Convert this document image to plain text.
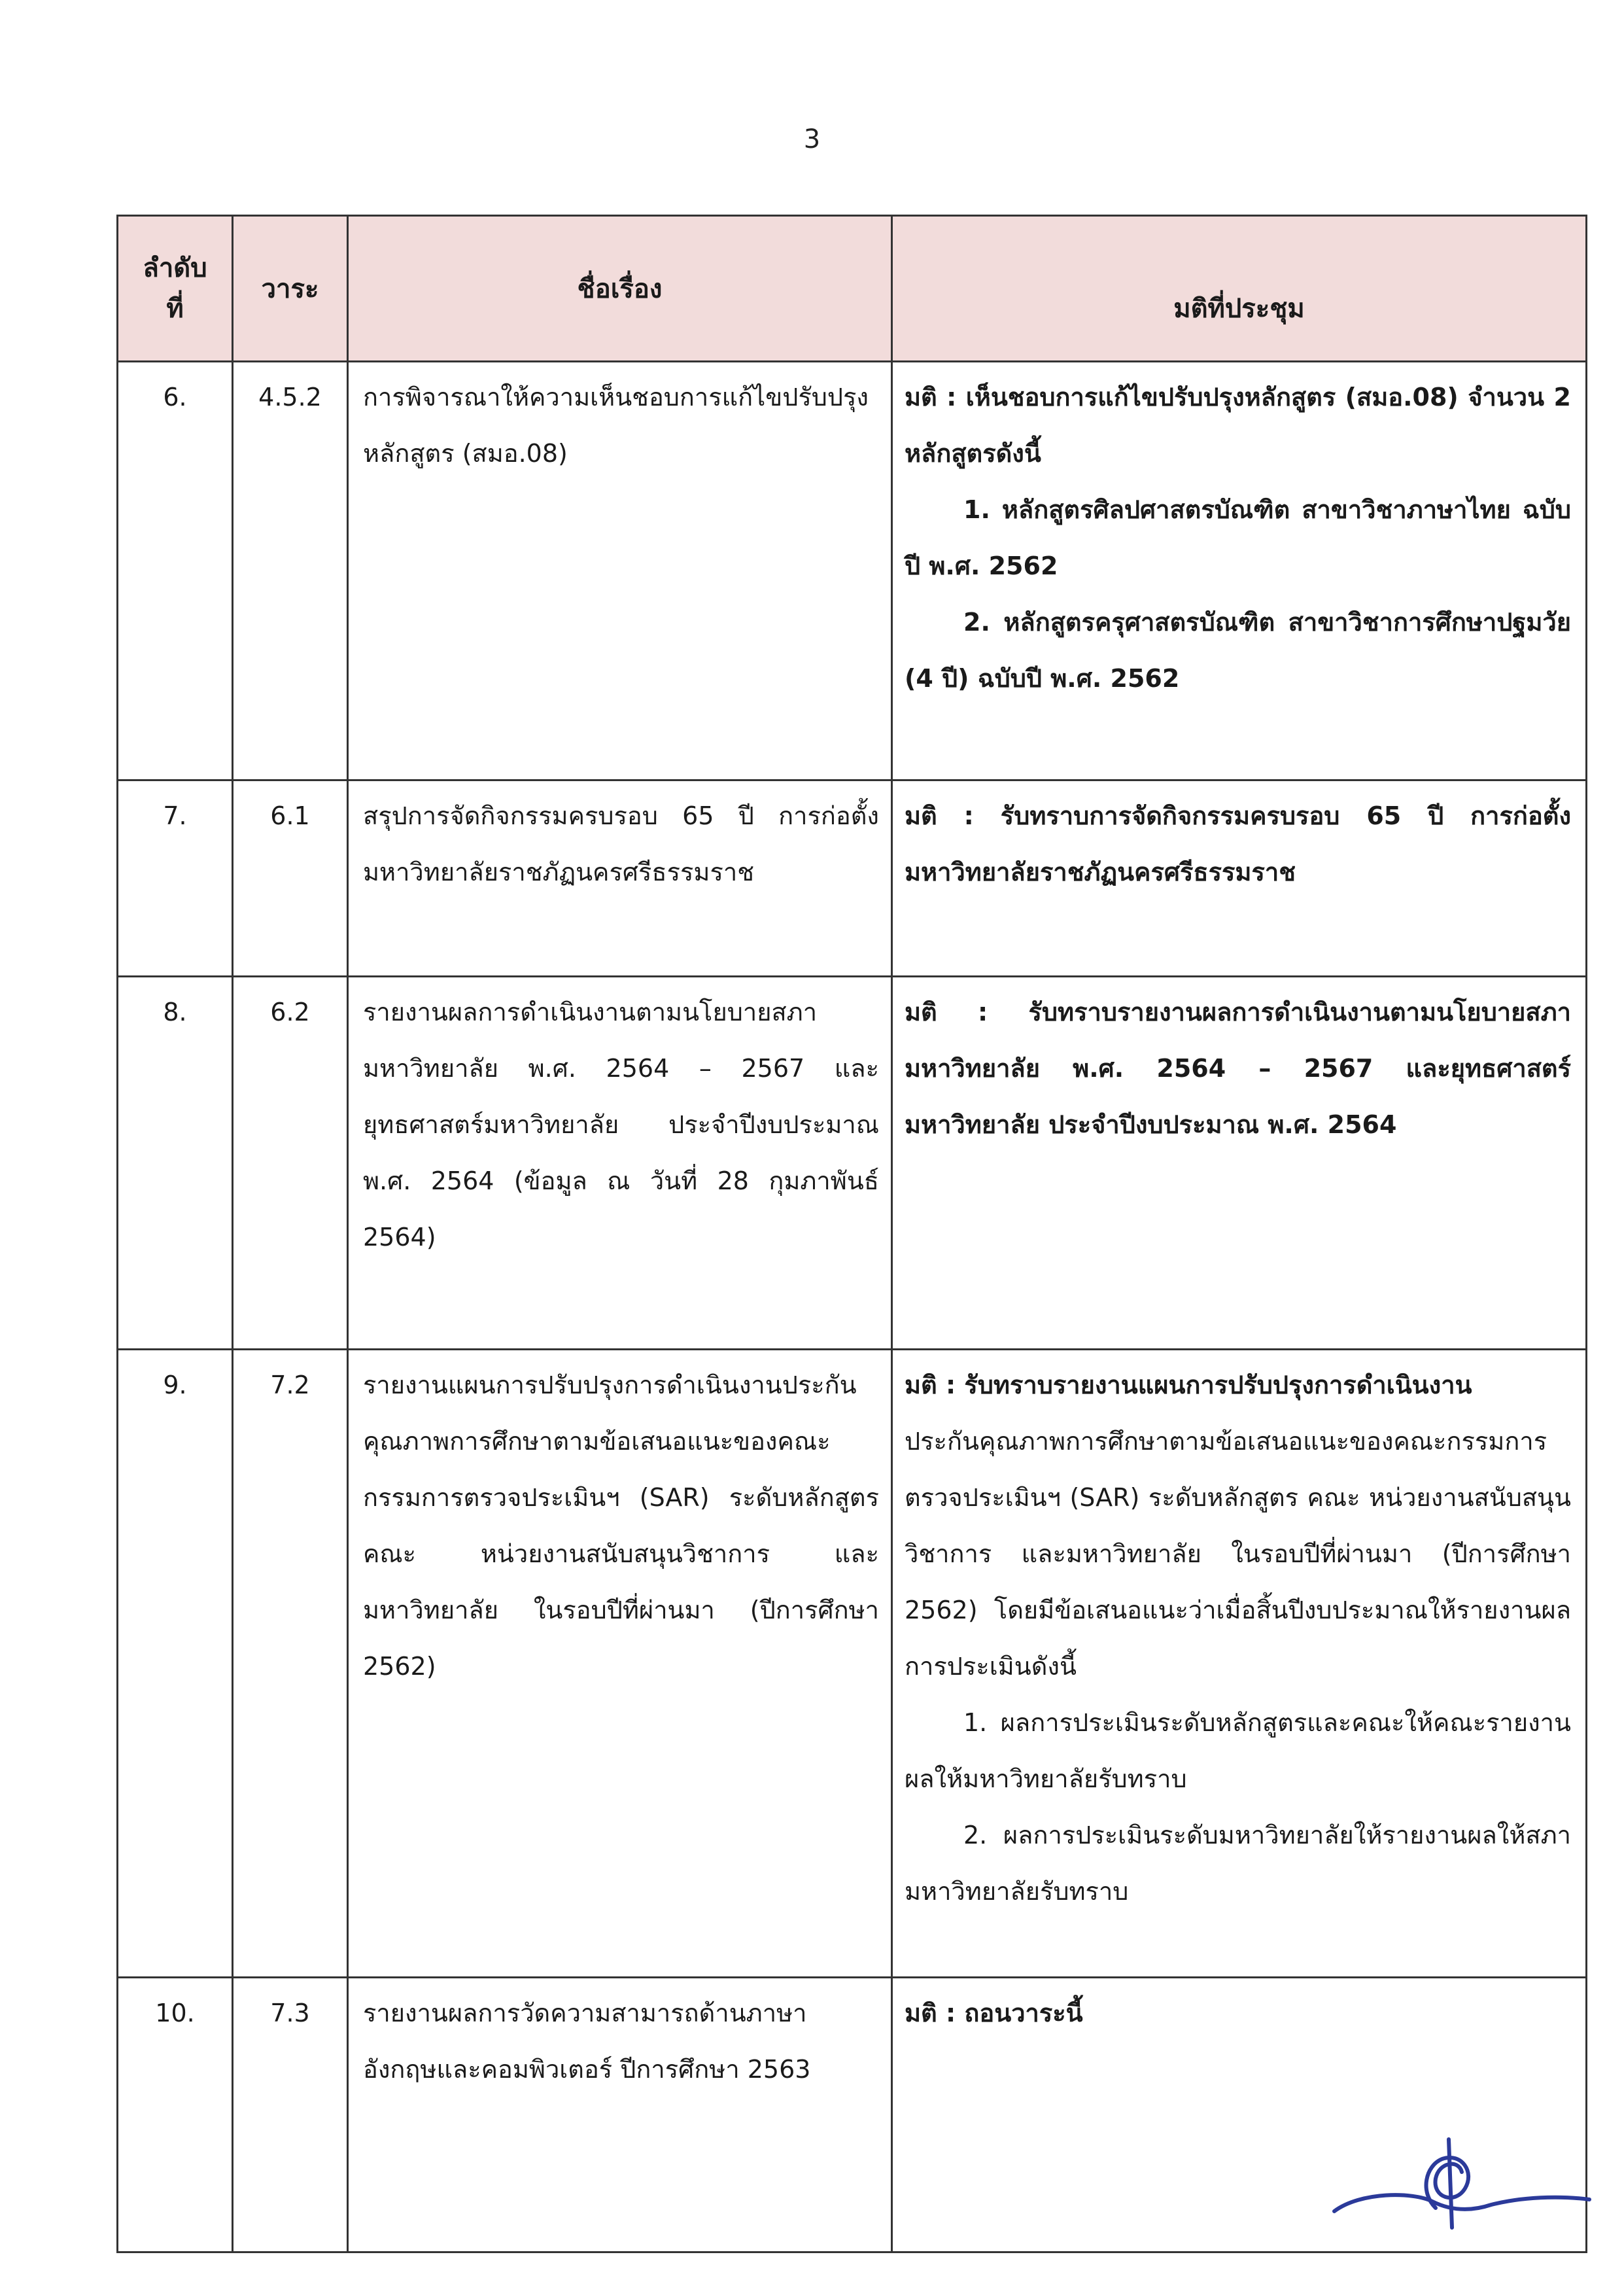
3
ลำดับ
ที่	วาระ	ชื่อเรื่อง	มติที่ประชุม
6.	4.5.2	การพิจารณาให้ความเห็นชอบการแก้ไขปรับปรุงหลักสูตร (สมอ.08)	มติ : เห็นชอบการแก้ไขปรับปรุงหลักสูตร (สมอ.08) จำนวน 2 หลักสูตรดังนี้
1. หลักสูตรศิลปศาสตรบัณฑิต สาขาวิชาภาษาไทย ฉบับปี พ.ศ. 2562
2. หลักสูตรครุศาสตรบัณฑิต สาขาวิชาการศึกษาปฐมวัย (4 ปี) ฉบับปี พ.ศ. 2562

7.	6.1	สรุปการจัดกิจกรรมครบรอบ 65 ปี การก่อตั้งมหาวิทยาลัยราชภัฏนครศรีธรรมราช	มติ : รับทราบการจัดกิจกรรมครบรอบ 65 ปี การก่อตั้งมหาวิทยาลัยราชภัฏนครศรีธรรมราช

8.	6.2	รายงานผลการดำเนินงานตามนโยบายสภามหาวิทยาลัย พ.ศ. 2564 – 2567 และยุทธศาสตร์มหาวิทยาลัย ประจำปีงบประมาณ พ.ศ. 2564 (ข้อมูล ณ วันที่ 28 กุมภาพันธ์ 2564)	มติ : รับทราบรายงานผลการดำเนินงานตามนโยบายสภามหาวิทยาลัย พ.ศ. 2564 – 2567 และยุทธศาสตร์มหาวิทยาลัย ประจำปีงบประมาณ พ.ศ. 2564

9.	7.2	รายงานแผนการปรับปรุงการดำเนินงานประกันคุณภาพการศึกษาตามข้อเสนอแนะของคณะกรรมการตรวจประเมินฯ (SAR) ระดับหลักสูตร คณะ หน่วยงานสนับสนุนวิชาการ และมหาวิทยาลัย ในรอบปีที่ผ่านมา (ปีการศึกษา 2562)	มติ : รับทราบรายงานแผนการปรับปรุงการดำเนินงาน
ประกันคุณภาพการศึกษาตามข้อเสนอแนะของคณะกรรมการตรวจประเมินฯ (SAR) ระดับหลักสูตร คณะ หน่วยงานสนับสนุนวิชาการ และมหาวิทยาลัย ในรอบปีที่ผ่านมา (ปีการศึกษา 2562) โดยมีข้อเสนอแนะว่าเมื่อสิ้นปีงบประมาณให้รายงานผลการประเมินดังนี้
1. ผลการประเมินระดับหลักสูตรและคณะให้คณะรายงานผลให้มหาวิทยาลัยรับทราบ
2. ผลการประเมินระดับมหาวิทยาลัยให้รายงานผลให้สภามหาวิทยาลัยรับทราบ

10.	7.3	รายงานผลการวัดความสามารถด้านภาษาอังกฤษและคอมพิวเตอร์ ปีการศึกษา 2563	มติ : ถอนวาระนี้
